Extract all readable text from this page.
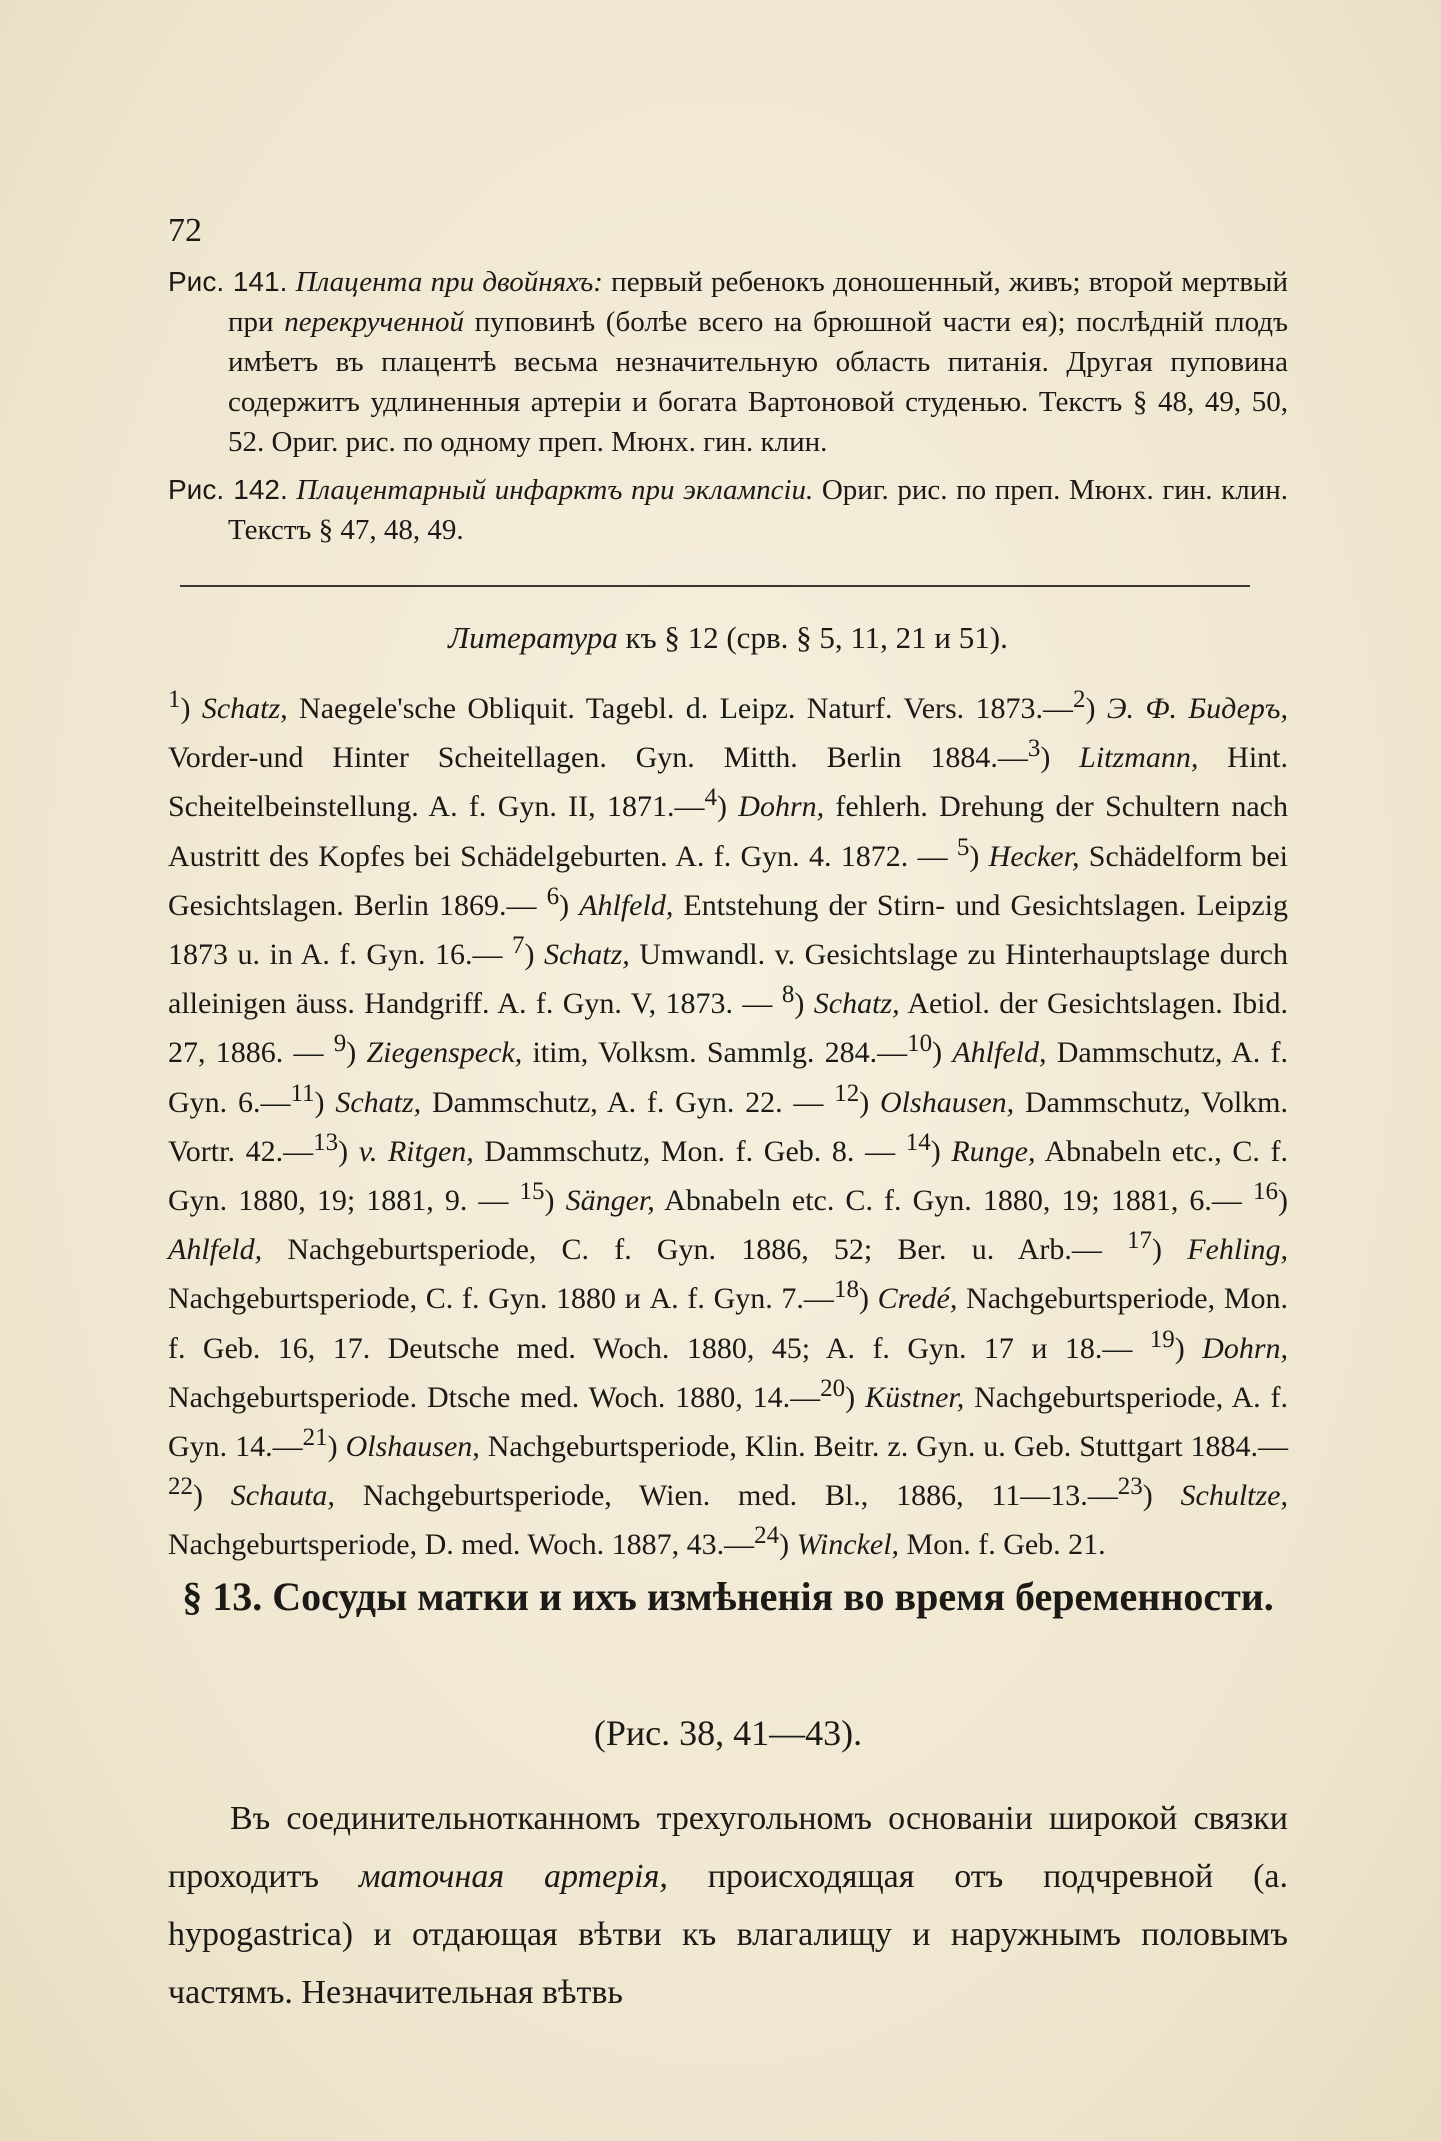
72

Рис. 141. Плацента при двойняхъ: первый ребенокъ доношенный, живъ; второй мертвый при перекрученной пуповинѣ (болѣе всего на брюшной части ея); послѣднiй плодъ имѣетъ въ плацентѣ весьма незначительную область питанiя. Другая пуповина содержитъ удлиненныя артерiи и богата Вартоновой студенью. Текстъ § 48, 49, 50, 52. Ориг. рис. по одному преп. Мюнх. гин. клин.

Рис. 142. Плацентарный инфарктъ при эклампсiи. Ориг. рис. по преп. Мюнх. гин. клин. Текстъ § 47, 48, 49.

Литература къ § 12 (срв. § 5, 11, 21 и 51).

$^1$) Schatz, Naegele'sche Obliquit. Tagebl. d. Leipz. Naturf. Vers. 1873.—$^2$) Э. Ф. Бидеръ, Vorder-und Hinter Scheitellagen. Gyn. Mitth. Berlin 1884.—$^3$) Litzmann, Hint. Scheitelbeinstellung. A. f. Gyn. II, 1871.—$^4$) Dohrn, fehlerh. Drehung der Schultern nach Austritt des Kopfes bei Schädelgeburten. A. f. Gyn. 4. 1872. — $^5$) Hecker, Schädelform bei Gesichtslagen. Berlin 1869.— $^6$) Ahlfeld, Entstehung der Stirn- und Gesichtslagen. Leipzig 1873 u. in A. f. Gyn. 16.— $^7$) Schatz, Umwandl. v. Gesichtslage zu Hinterhauptslage durch alleinigen äuss. Handgriff. A. f. Gyn. V, 1873. — $^8$) Schatz, Aetiol. der Gesichtslagen. Ibid. 27, 1886. — $^9$) Ziegenspeck, itim, Volksm. Sammlg. 284.—$^{10}$) Ahlfeld, Dammschutz, A. f. Gyn. 6.—$^{11}$) Schatz, Dammschutz, A. f. Gyn. 22. — $^{12}$) Olshausen, Dammschutz, Volkm. Vortr. 42.—$^{13}$) v. Ritgen, Dammschutz, Mon. f. Geb. 8. — $^{14}$) Runge, Abnabeln etc., C. f. Gyn. 1880, 19; 1881, 9. — $^{15}$) Sänger, Abnabeln etc. C. f. Gyn. 1880, 19; 1881, 6.— $^{16}$) Ahlfeld, Nachgeburtsperiode, C. f. Gyn. 1886, 52; Ber. u. Arb.— $^{17}$) Fehling, Nachgeburtsperiode, C. f. Gyn. 1880 и A. f. Gyn. 7.—$^{18}$) Credé, Nachgeburtsperiode, Mon. f. Geb. 16, 17. Deutsche med. Woch. 1880, 45; A. f. Gyn. 17 и 18.— $^{19}$) Dohrn, Nachgeburtsperiode. Dtsche med. Woch. 1880, 14.—$^{20}$) Küstner, Nachgeburtsperiode, A. f. Gyn. 14.—$^{21}$) Olshausen, Nachgeburtsperiode, Klin. Beitr. z. Gyn. u. Geb. Stuttgart 1884.—$^{22}$) Schauta, Nachgeburtsperiode, Wien. med. Bl., 1886, 11—13.—$^{23}$) Schultze, Nachgeburtsperiode, D. med. Woch. 1887, 43.—$^{24}$) Winckel, Mon. f. Geb. 21.

§ 13. Сосуды матки и ихъ измѣненiя во время беременности.

(Рис. 38, 41—43).

Въ соединительнотканномъ трехугольномъ основанiи широкой связки проходитъ маточная артерiя, происходящая отъ подчревной (a. hypogastrica) и отдающая вѣтви къ влагалищу и наружнымъ половымъ частямъ. Незначительная вѣтвь
